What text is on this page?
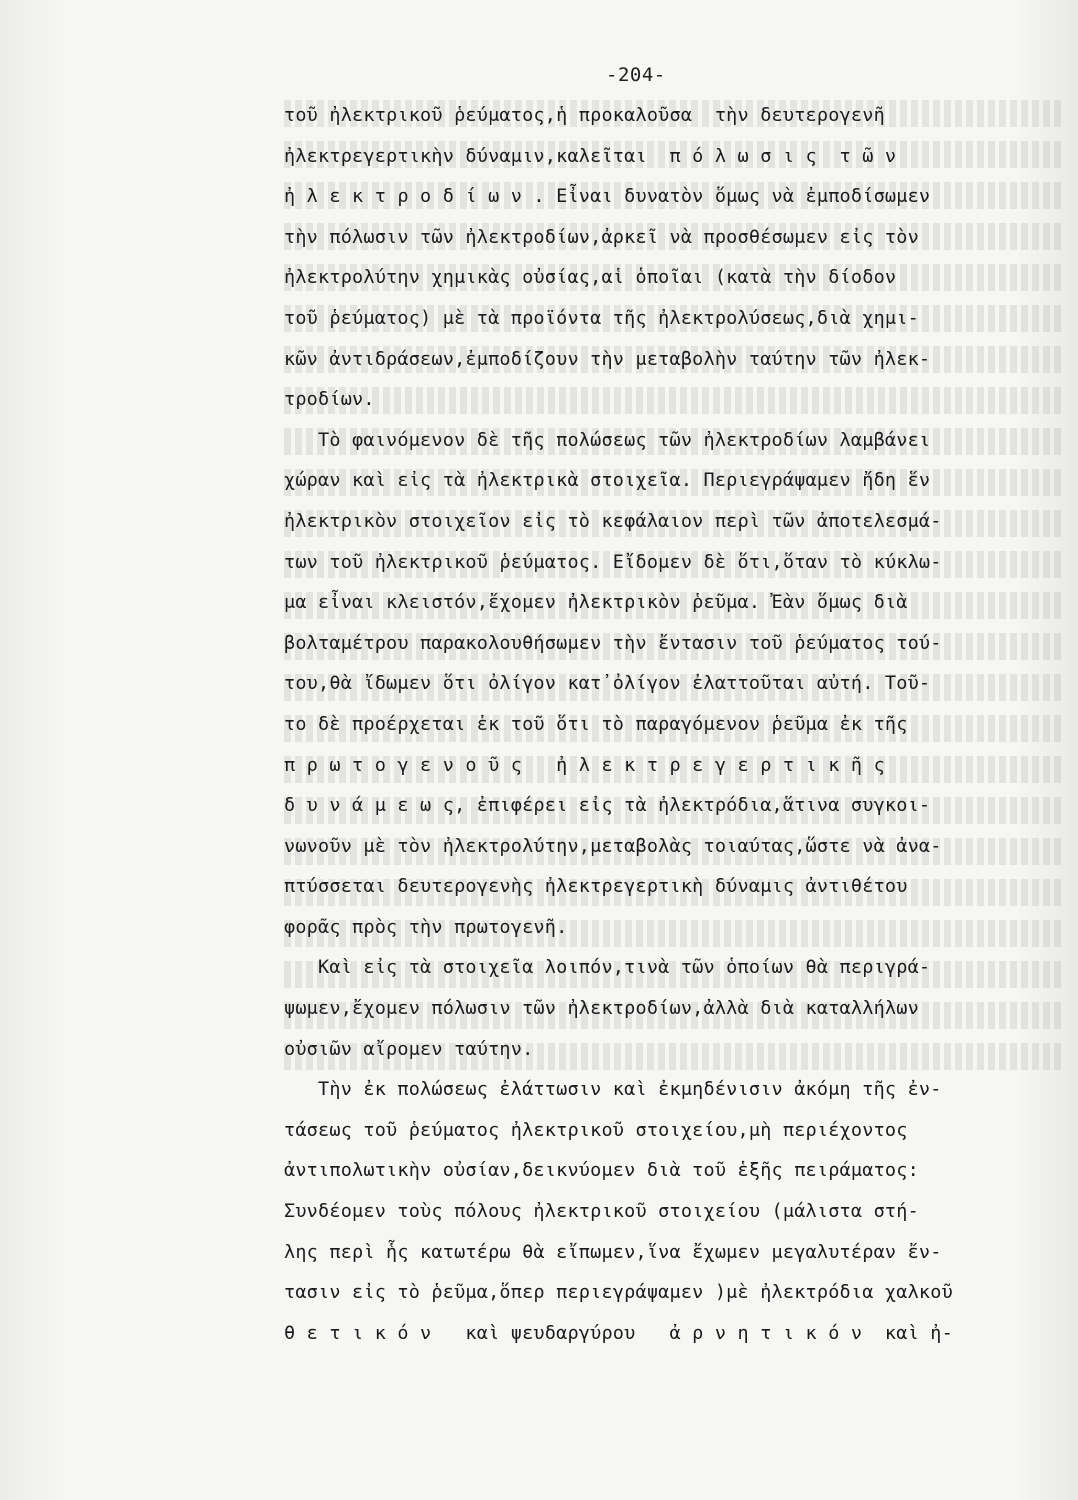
-204-

τοῦ ἠλεκτρικοῦ ῥεύματος,ἡ προκαλοῦσα  τὴν δευτερογενῆ
ἠλεκτρεγερτικὴν δύναμιν,καλεῖται  π ό λ ω σ ι ς  τ ῶ ν
ἠ λ ε κ τ ρ ο δ ί ω ν . Εἶναι δυνατὸν ὅμως νὰ ἐμποδίσωμεν
τὴν πόλωσιν τῶν ἠλεκτροδίων,ἀρκεῖ νὰ προσθέσωμεν εἰς τὸν
ἠλεκτρολύτην χημικὰς οὐσίας,αἱ ὁποῖαι (κατὰ τὴν δίοδον
τοῦ ῥεύματος) μὲ τὰ προϊόντα τῆς ἠλεκτρολύσεως,διὰ χημι-
κῶν ἀντιδράσεων,ἐμποδίζουν τὴν μεταβολὴν ταύτην τῶν ἠλεκ-
τροδίων.
Τὸ φαινόμενον δὲ τῆς πολώσεως τῶν ἠλεκτροδίων λαμβάνει
χώραν καὶ εἰς τὰ ἠλεκτρικὰ στοιχεῖα. Περιεγράψαμεν ἤδη ἕν
ἠλεκτρικὸν στοιχεῖον εἰς τὸ κεφάλαιον περὶ τῶν ἀποτελεσμά-
των τοῦ ἠλεκτρικοῦ ῥεύματος. Εἴδομεν δὲ ὅτι,ὅταν τὸ κύκλω-
μα εἶναι κλειστόν,ἔχομεν ἠλεκτρικὸν ῥεῦμα. Ἐὰν ὅμως διὰ
βολταμέτρου παρακολουθήσωμεν τὴν ἔντασιν τοῦ ῥεύματος τού-
του,θὰ ἴδωμεν ὅτι ὀλίγον κατ᾽ὀλίγον ἐλαττοῦται αὐτή. Τοῦ-
το δὲ προέρχεται ἐκ τοῦ ὅτι τὸ παραγόμενον ῥεῦμα ἐκ τῆς
π ρ ω τ ο γ ε ν ο ῦ ς   ἠ λ ε κ τ ρ ε γ ε ρ τ ι κ ῆ ς
δ υ ν ά μ ε ω ς, ἐπιφέρει εἰς τὰ ἠλεκτρόδια,ἅτινα συγκοι-
νωνοῦν μὲ τὸν ἠλεκτρολύτην,μεταβολὰς τοιαύτας,ὥστε νὰ ἀνα-
πτύσσεται δευτερογενὴς ἠλεκτρεγερτικὴ δύναμις ἀντιθέτου
φορᾶς πρὸς τὴν πρωτογενῆ.
Καὶ εἰς τὰ στοιχεῖα λοιπόν,τινὰ τῶν ὁποίων θὰ περιγρά-
ψωμεν,ἔχομεν πόλωσιν τῶν ἠλεκτροδίων,ἀλλὰ διὰ καταλλήλων
οὐσιῶν αἴρομεν ταύτην.
Τὴν ἐκ πολώσεως ἐλάττωσιν καὶ ἐκμηδένισιν ἀκόμη τῆς ἐν-
τάσεως τοῦ ῥεύματος ἠλεκτρικοῦ στοιχείου,μὴ περιέχοντος
ἀντιπολωτικὴν οὐσίαν,δεικνύομεν διὰ τοῦ ἑξῆς πειράματος:
Συνδέομεν τοὺς πόλους ἠλεκτρικοῦ στοιχείου (μάλιστα στή-
λης περὶ ἧς κατωτέρω θὰ εἴπωμεν,ἵνα ἔχωμεν μεγαλυτέραν ἔν-
τασιν εἰς τὸ ῥεῦμα,ὅπερ περιεγράψαμεν )μὲ ἠλεκτρόδια χαλκοῦ
θ ε τ ι κ ό ν   καὶ ψευδαργύρου   ἀ ρ ν η τ ι κ ό ν  καὶ ἠ-
